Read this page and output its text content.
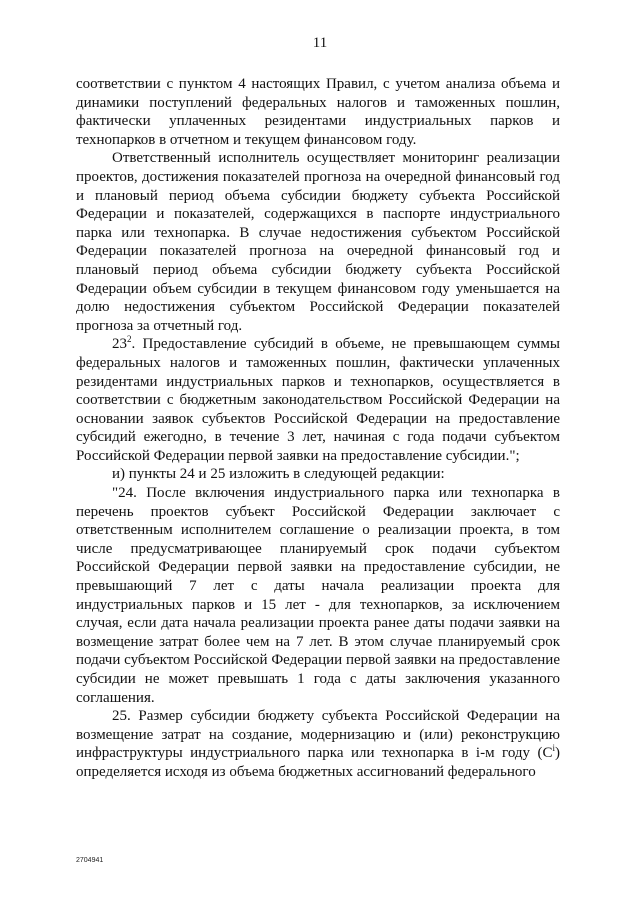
11

соответствии с пунктом 4 настоящих Правил, с учетом анализа объема и динамики поступлений федеральных налогов и таможенных пошлин, фактически уплаченных резидентами индустриальных парков и технопарков в отчетном и текущем финансовом году.

Ответственный исполнитель осуществляет мониторинг реализации проектов, достижения показателей прогноза на очередной финансовый год и плановый период объема субсидии бюджету субъекта Российской Федерации и показателей, содержащихся в паспорте индустриального парка или технопарка. В случае недостижения субъектом Российской Федерации показателей прогноза на очередной финансовый год и плановый период объема субсидии бюджету субъекта Российской Федерации объем субсидии в текущем финансовом году уменьшается на долю недостижения субъектом Российской Федерации показателей прогноза за отчетный год.

$23^2$. Предоставление субсидий в объеме, не превышающем суммы федеральных налогов и таможенных пошлин, фактически уплаченных резидентами индустриальных парков и технопарков, осуществляется в соответствии с бюджетным законодательством Российской Федерации на основании заявок субъектов Российской Федерации на предоставление субсидий ежегодно, в течение 3 лет, начиная с года подачи субъектом Российской Федерации первой заявки на предоставление субсидии.";

и) пункты 24 и 25 изложить в следующей редакции:

"24. После включения индустриального парка или технопарка в перечень проектов субъект Российской Федерации заключает с ответственным исполнителем соглашение о реализации проекта, в том числе предусматривающее планируемый срок подачи субъектом Российской Федерации первой заявки на предоставление субсидии, не превышающий 7 лет с даты начала реализации проекта для индустриальных парков и 15 лет - для технопарков, за исключением случая, если дата начала реализации проекта ранее даты подачи заявки на возмещение затрат более чем на 7 лет. В этом случае планируемый срок подачи субъектом Российской Федерации первой заявки на предоставление субсидии не может превышать 1 года с даты заключения указанного соглашения.

25. Размер субсидии бюджету субъекта Российской Федерации на возмещение затрат на создание, модернизацию и (или) реконструкцию инфраструктуры индустриального парка или технопарка в i-м году $(С^i)$ определяется исходя из объема бюджетных ассигнований федерального

2704941
